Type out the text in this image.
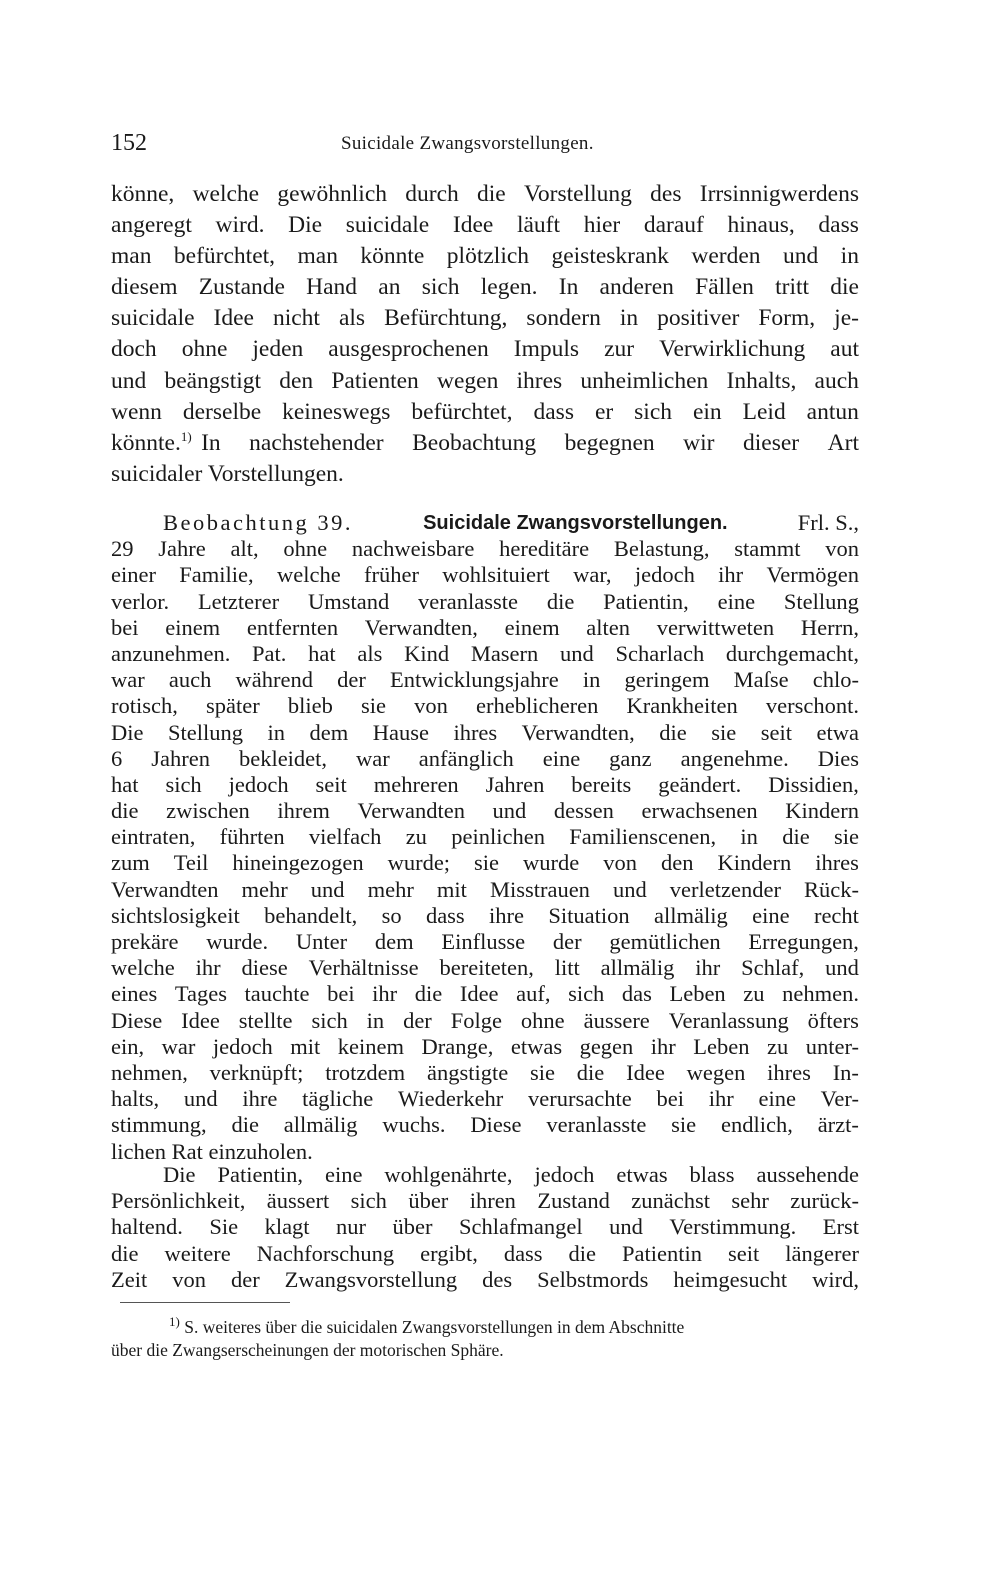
152	Suicidale Zwangsvorstellungen.
könne, welche gewöhnlich durch die Vorstellung des Irrsinnigwerdens
angeregt wird. Die suicidale Idee läuft hier darauf hinaus, dass
man befürchtet, man könnte plötzlich geisteskrank werden und in
diesem Zustande Hand an sich legen. In anderen Fällen tritt die
suicidale Idee nicht als Befürchtung, sondern in positiver Form, je-
doch ohne jeden ausgesprochenen Impuls zur Verwirklichung aut
und beängstigt den Patienten wegen ihres unheimlichen Inhalts, auch
wenn derselbe keineswegs befürchtet, dass er sich ein Leid antun
könnte.$^{1)}$ In nachstehender Beobachtung begegnen wir dieser Art
suicidaler Vorstellungen.
Beobachtung 39.	Suicidale Zwangsvorstellungen.	Frl. S.,
29 Jahre alt, ohne nachweisbare hereditäre Belastung, stammt von
einer Familie, welche früher wohlsituiert war, jedoch ihr Vermögen
verlor. Letzterer Umstand veranlasste die Patientin, eine Stellung
bei einem entfernten Verwandten, einem alten verwittweten Herrn,
anzunehmen. Pat. hat als Kind Masern und Scharlach durchgemacht,
war auch während der Entwicklungsjahre in geringem Maſse chlo-
rotisch, später blieb sie von erheblicheren Krankheiten verschont.
Die Stellung in dem Hause ihres Verwandten, die sie seit etwa
6 Jahren bekleidet, war anfänglich eine ganz angenehme. Dies
hat sich jedoch seit mehreren Jahren bereits geändert. Dissidien,
die zwischen ihrem Verwandten und dessen erwachsenen Kindern
eintraten, führten vielfach zu peinlichen Familienscenen, in die sie
zum Teil hineingezogen wurde; sie wurde von den Kindern ihres
Verwandten mehr und mehr mit Misstrauen und verletzender Rück-
sichtslosigkeit behandelt, so dass ihre Situation allmälig eine recht
prekäre wurde. Unter dem Einflusse der gemütlichen Erregungen,
welche ihr diese Verhältnisse bereiteten, litt allmälig ihr Schlaf, und
eines Tages tauchte bei ihr die Idee auf, sich das Leben zu nehmen.
Diese Idee stellte sich in der Folge ohne äussere Veranlassung öfters
ein, war jedoch mit keinem Drange, etwas gegen ihr Leben zu unter-
nehmen, verknüpft; trotzdem ängstigte sie die Idee wegen ihres In-
halts, und ihre tägliche Wiederkehr verursachte bei ihr eine Ver-
stimmung, die allmälig wuchs. Diese veranlasste sie endlich, ärzt-
lichen Rat einzuholen.
Die Patientin, eine wohlgenährte, jedoch etwas blass aussehende
Persönlichkeit, äussert sich über ihren Zustand zunächst sehr zurück-
haltend. Sie klagt nur über Schlafmangel und Verstimmung. Erst
die weitere Nachforschung ergibt, dass die Patientin seit längerer
Zeit von der Zwangsvorstellung des Selbstmords heimgesucht wird,
$^{1)}$ S. weiteres über die suicidalen Zwangsvorstellungen in dem Abschnitte
über die Zwangserscheinungen der motorischen Sphäre.
